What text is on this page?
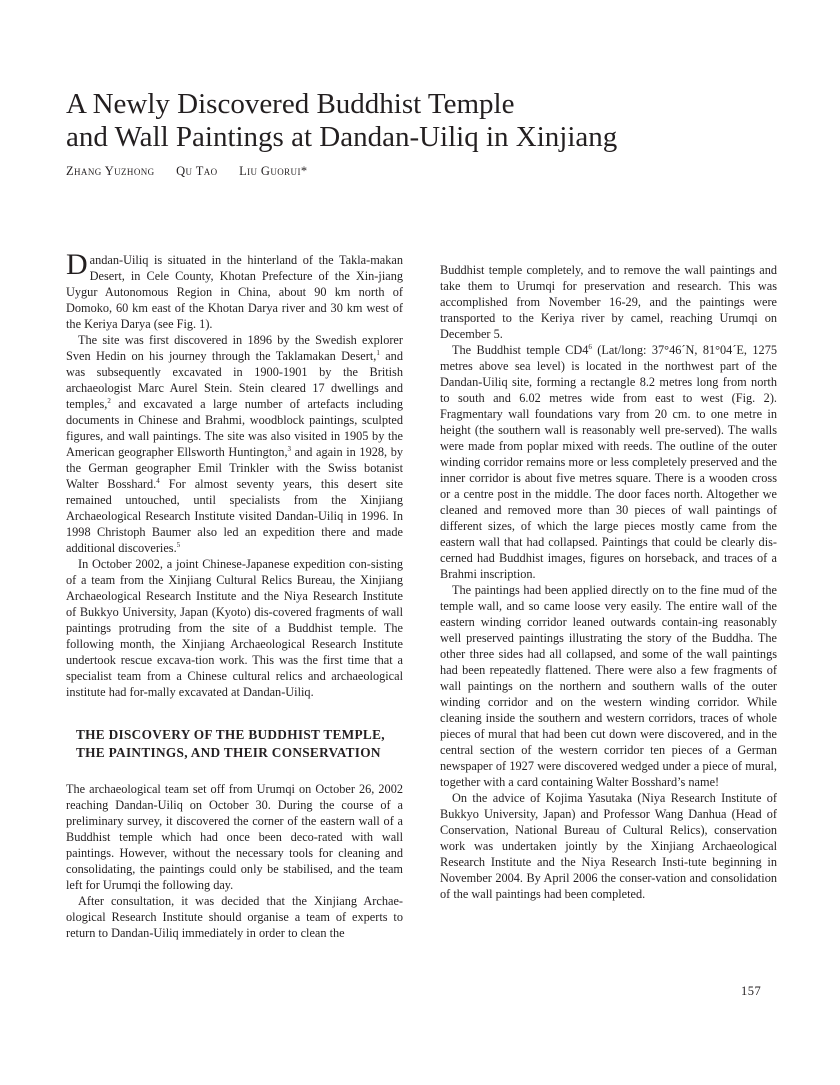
A Newly Discovered Buddhist Temple
and Wall Paintings at Dandan-Uiliq in Xinjiang
Zhang Yuzhong Qu Tao Liu Guorui*

Dandan-Uiliq is situated in the hinterland of the Takla-makan Desert, in Cele County, Khotan Prefecture of the Xin-jiang Uygur Autonomous Region in China, about 90 km north of Domoko, 60 km east of the Khotan Darya river and 30 km west of the Keriya Darya (see Fig. 1).

The site was first discovered in 1896 by the Swedish explorer Sven Hedin on his journey through the Taklamakan Desert,$^1$ and was subsequently excavated in 1900-1901 by the British archaeologist Marc Aurel Stein. Stein cleared 17 dwellings and temples,$^2$ and excavated a large number of artefacts including documents in Chinese and Brahmi, woodblock paintings, sculpted figures, and wall paintings. The site was also visited in 1905 by the American geographer Ellsworth Huntington,$^3$ and again in 1928, by the German geographer Emil Trinkler with the Swiss botanist Walter Bosshard.$^4$ For almost seventy years, this desert site remained untouched, until specialists from the Xinjiang Archaeological Research Institute visited Dandan-Uiliq in 1996. In 1998 Christoph Baumer also led an expedition there and made additional discoveries.$^5$

In October 2002, a joint Chinese-Japanese expedition con-sisting of a team from the Xinjiang Cultural Relics Bureau, the Xinjiang Archaeological Research Institute and the Niya Research Institute of Bukkyo University, Japan (Kyoto) dis-covered fragments of wall paintings protruding from the site of a Buddhist temple. The following month, the Xinjiang Archaeological Research Institute undertook rescue excava-tion work. This was the first time that a specialist team from a Chinese cultural relics and archaeological institute had for-mally excavated at Dandan-Uiliq.

THE DISCOVERY OF THE BUDDHIST TEMPLE,
THE PAINTINGS, AND THEIR CONSERVATION

The archaeological team set off from Urumqi on October 26, 2002 reaching Dandan-Uiliq on October 30. During the course of a preliminary survey, it discovered the corner of the eastern wall of a Buddhist temple which had once been deco-rated with wall paintings. However, without the necessary tools for cleaning and consolidating, the paintings could only be stabilised, and the team left for Urumqi the following day.

After consultation, it was decided that the Xinjiang Archae-ological Research Institute should organise a team of experts to return to Dandan-Uiliq immediately in order to clean the

Buddhist temple completely, and to remove the wall paintings and take them to Urumqi for preservation and research. This was accomplished from November 16-29, and the paintings were transported to the Keriya river by camel, reaching Urumqi on December 5.

The Buddhist temple $CD4^6$ (Lat/long: 37°46´N, 81°04´E, 1275 metres above sea level) is located in the northwest part of the Dandan-Uiliq site, forming a rectangle 8.2 metres long from north to south and 6.02 metres wide from east to west (Fig. 2). Fragmentary wall foundations vary from 20 cm. to one metre in height (the southern wall is reasonably well pre-served). The walls were made from poplar mixed with reeds. The outline of the outer winding corridor remains more or less completely preserved and the inner corridor is about five metres square. There is a wooden cross or a centre post in the middle. The door faces north. Altogether we cleaned and removed more than 30 pieces of wall paintings of different sizes, of which the large pieces mostly came from the eastern wall that had collapsed. Paintings that could be clearly dis-cerned had Buddhist images, figures on horseback, and traces of a Brahmi inscription.

The paintings had been applied directly on to the fine mud of the temple wall, and so came loose very easily. The entire wall of the eastern winding corridor leaned outwards contain-ing reasonably well preserved paintings illustrating the story of the Buddha. The other three sides had all collapsed, and some of the wall paintings had been repeatedly flattened. There were also a few fragments of wall paintings on the northern and southern walls of the outer winding corridor and on the western winding corridor. While cleaning inside the southern and western corridors, traces of whole pieces of mural that had been cut down were discovered, and in the central section of the western corridor ten pieces of a German newspaper of 1927 were discovered wedged under a piece of mural, together with a card containing Walter Bosshard’s name!

On the advice of Kojima Yasutaka (Niya Research Institute of Bukkyo University, Japan) and Professor Wang Danhua (Head of Conservation, National Bureau of Cultural Relics), conservation work was undertaken jointly by the Xinjiang Archaeological Research Institute and the Niya Research Insti-tute beginning in November 2004. By April 2006 the conser-vation and consolidation of the wall paintings had been completed.

157
